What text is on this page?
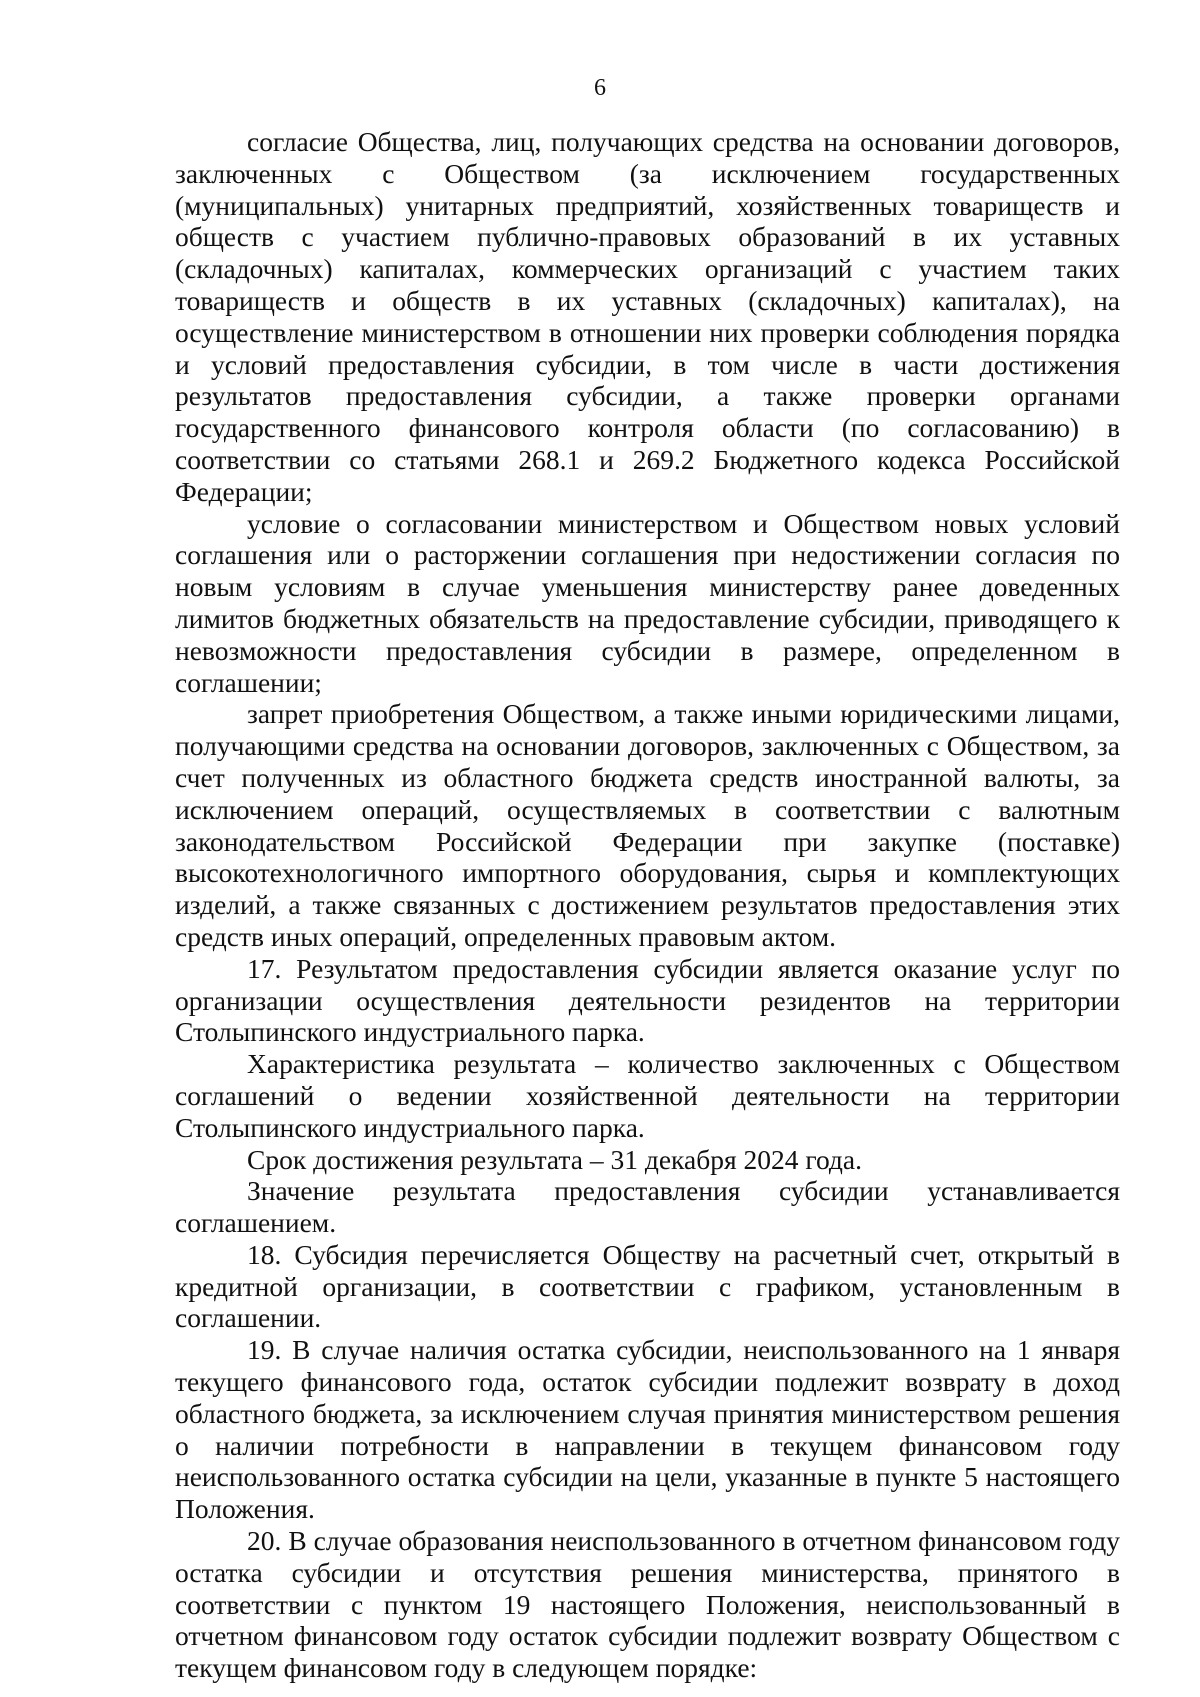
6

согласие Общества, лиц, получающих средства на основании договоров, заключенных с Обществом (за исключением государственных (муниципальных) унитарных предприятий, хозяйственных товариществ и обществ с участием публично-правовых образований в их уставных (складочных) капиталах, коммерческих организаций с участием таких товариществ и обществ в их уставных (складочных) капиталах), на осуществление министерством в отношении них проверки соблюдения порядка и условий предоставления субсидии, в том числе в части достижения результатов предоставления субсидии, а также проверки органами государственного финансового контроля области (по согласованию) в соответствии со статьями 268.1 и 269.2 Бюджетного кодекса Российской Федерации;

условие о согласовании министерством и Обществом новых условий соглашения или о расторжении соглашения при недостижении согласия по новым условиям в случае уменьшения министерству ранее доведенных лимитов бюджетных обязательств на предоставление субсидии, приводящего к невозможности предоставления субсидии в размере, определенном в соглашении;

запрет приобретения Обществом, а также иными юридическими лицами, получающими средства на основании договоров, заключенных с Обществом, за счет полученных из областного бюджета средств иностранной валюты, за исключением операций, осуществляемых в соответствии с валютным законодательством Российской Федерации при закупке (поставке) высокотехнологичного импортного оборудования, сырья и комплектующих изделий, а также связанных с достижением результатов предоставления этих средств иных операций, определенных правовым актом.

17. Результатом предоставления субсидии является оказание услуг по организации осуществления деятельности резидентов на территории Столыпинского индустриального парка.

Характеристика результата – количество заключенных с Обществом соглашений о ведении хозяйственной деятельности на территории Столыпинского индустриального парка.

Срок достижения результата – 31 декабря 2024 года.

Значение результата предоставления субсидии устанавливается соглашением.

18. Субсидия перечисляется Обществу на расчетный счет, открытый в кредитной организации, в соответствии с графиком, установленным в соглашении.

19. В случае наличия остатка субсидии, неиспользованного на 1 января текущего финансового года, остаток субсидии подлежит возврату в доход областного бюджета, за исключением случая принятия министерством решения о наличии потребности в направлении в текущем финансовом году неиспользованного остатка субсидии на цели, указанные в пункте 5 настоящего Положения.

20. В случае образования неиспользованного в отчетном финансовом году остатка субсидии и отсутствия решения министерства, принятого в соответствии с пунктом 19 настоящего Положения, неиспользованный в отчетном финансовом году остаток субсидии подлежит возврату Обществом с текущем финансовом году в следующем порядке:
